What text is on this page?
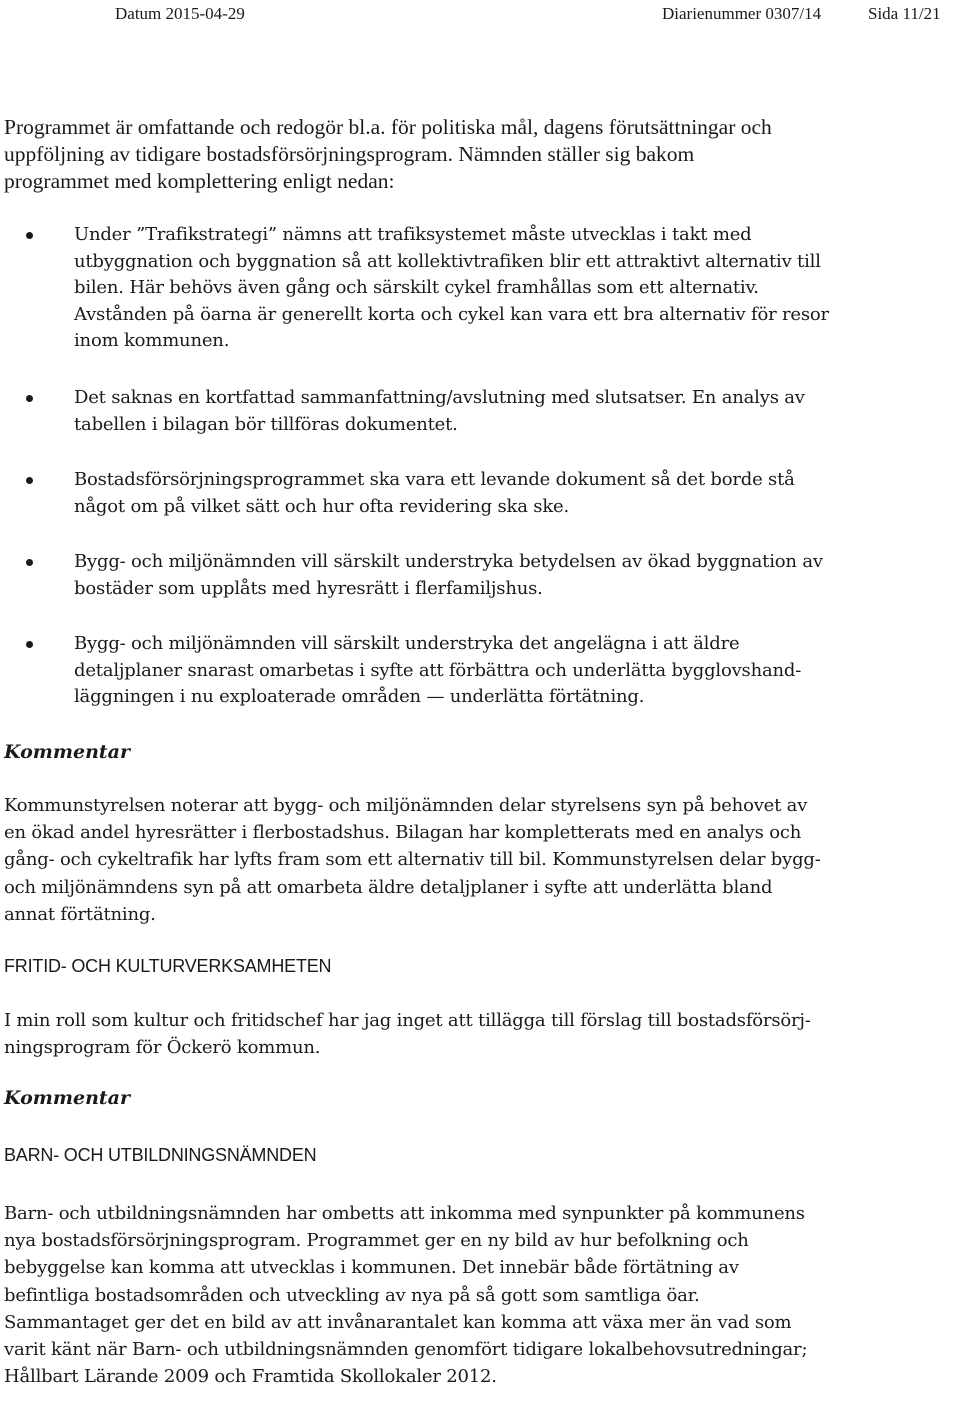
Datum 2015-04-29	Diarienummer 0307/14	Sida 11/21
Programmet är omfattande och redogör bl.a. för politiska mål, dagens förutsättningar och
uppföljning av tidigare bostadsförsörjningsprogram. Nämnden ställer sig bakom
programmet med komplettering enligt nedan:
Under ”Trafikstrategi” nämns att trafiksystemet måste utvecklas i takt med
utbyggnation och byggnation så att kollektivtrafiken blir ett attraktivt alternativ till
bilen. Här behövs även gång och särskilt cykel framhållas som ett alternativ.
Avstånden på öarna är generellt korta och cykel kan vara ett bra alternativ för resor
inom kommunen.
Det saknas en kortfattad sammanfattning/avslutning med slutsatser. En analys av
tabellen i bilagan bör tillföras dokumentet.
Bostadsförsörjningsprogrammet ska vara ett levande dokument så det borde stå
något om på vilket sätt och hur ofta revidering ska ske.
Bygg- och miljönämnden vill särskilt understryka betydelsen av ökad byggnation av
bostäder som upplåts med hyresrätt i flerfamiljshus.
Bygg- och miljönämnden vill särskilt understryka det angelägna i att äldre
detaljplaner snarast omarbetas i syfte att förbättra och underlätta bygglovshand-
läggningen i nu exploaterade områden — underlätta förtätning.
Kommentar
Kommunstyrelsen noterar att bygg- och miljönämnden delar styrelsens syn på behovet av
en ökad andel hyresrätter i flerbostadshus. Bilagan har kompletterats med en analys och
gång- och cykeltrafik har lyfts fram som ett alternativ till bil. Kommunstyrelsen delar bygg-
och miljönämndens syn på att omarbeta äldre detaljplaner i syfte att underlätta bland
annat förtätning.
FRITID- OCH KULTURVERKSAMHETEN
I min roll som kultur och fritidschef har jag inget att tillägga till förslag till bostadsförsörj-
ningsprogram för Öckerö kommun.
Kommentar
BARN- OCH UTBILDNINGSNÄMNDEN
Barn- och utbildningsnämnden har ombetts att inkomma med synpunkter på kommunens
nya bostadsförsörjningsprogram. Programmet ger en ny bild av hur befolkning och
bebyggelse kan komma att utvecklas i kommunen. Det innebär både förtätning av
befintliga bostadsområden och utveckling av nya på så gott som samtliga öar.
Sammantaget ger det en bild av att invånarantalet kan komma att växa mer än vad som
varit känt när Barn- och utbildningsnämnden genomfört tidigare lokalbehovsutredningar;
Hållbart Lärande 2009 och Framtida Skollokaler 2012.
